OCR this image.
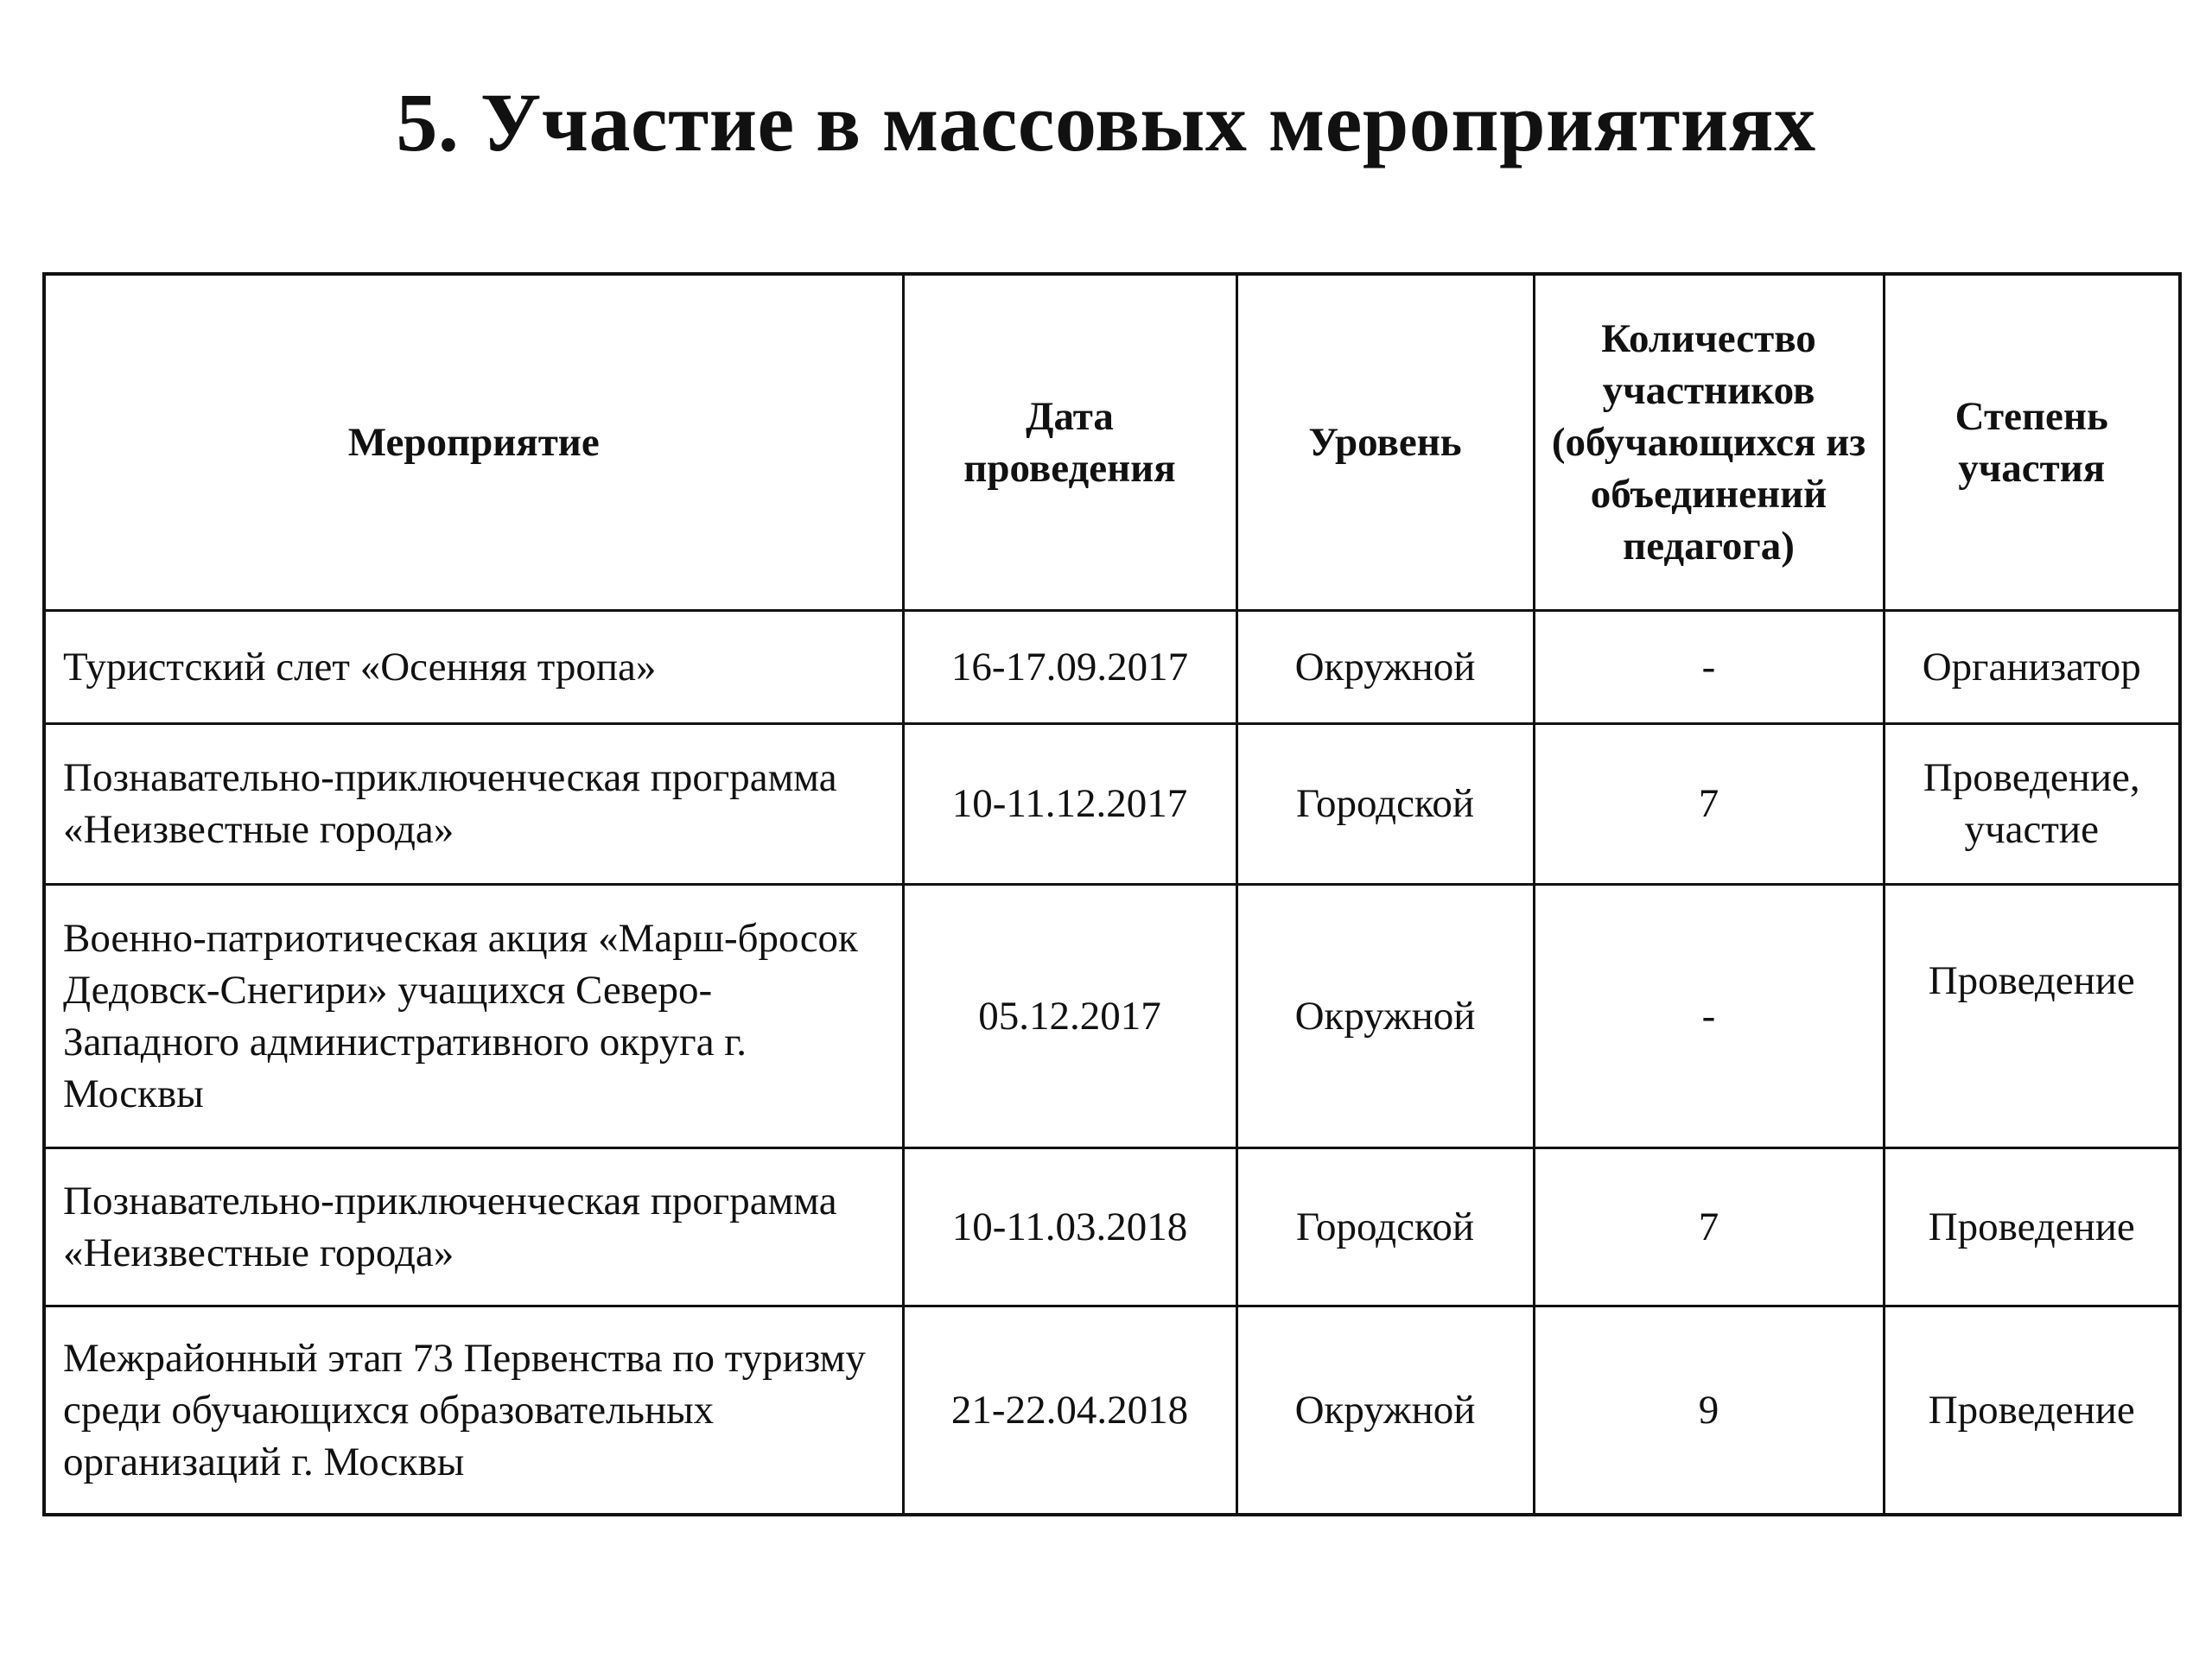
5. Участие в массовых мероприятиях
Мероприятие	Дата проведения	Уровень	Количество участников (обучающихся из объединений педагога)	Степень участия
Туристский слет «Осенняя тропа»	16-17.09.2017	Окружной	-	Организатор
Познавательно-приключенческая программа «Неизвестные города»	10-11.12.2017	Городской	7	Проведение, участие
Военно-патриотическая акция «Марш-бросок Дедовск-Снегири» учащихся Северо-Западного административного округа г. Москвы	05.12.2017	Окружной	-	Проведение
Познавательно-приключенческая программа «Неизвестные города»	10-11.03.2018	Городской	7	Проведение
Межрайонный этап 73 Первенства по туризму среди обучающихся образовательных организаций г. Москвы	21-22.04.2018	Окружной	9	Проведение
